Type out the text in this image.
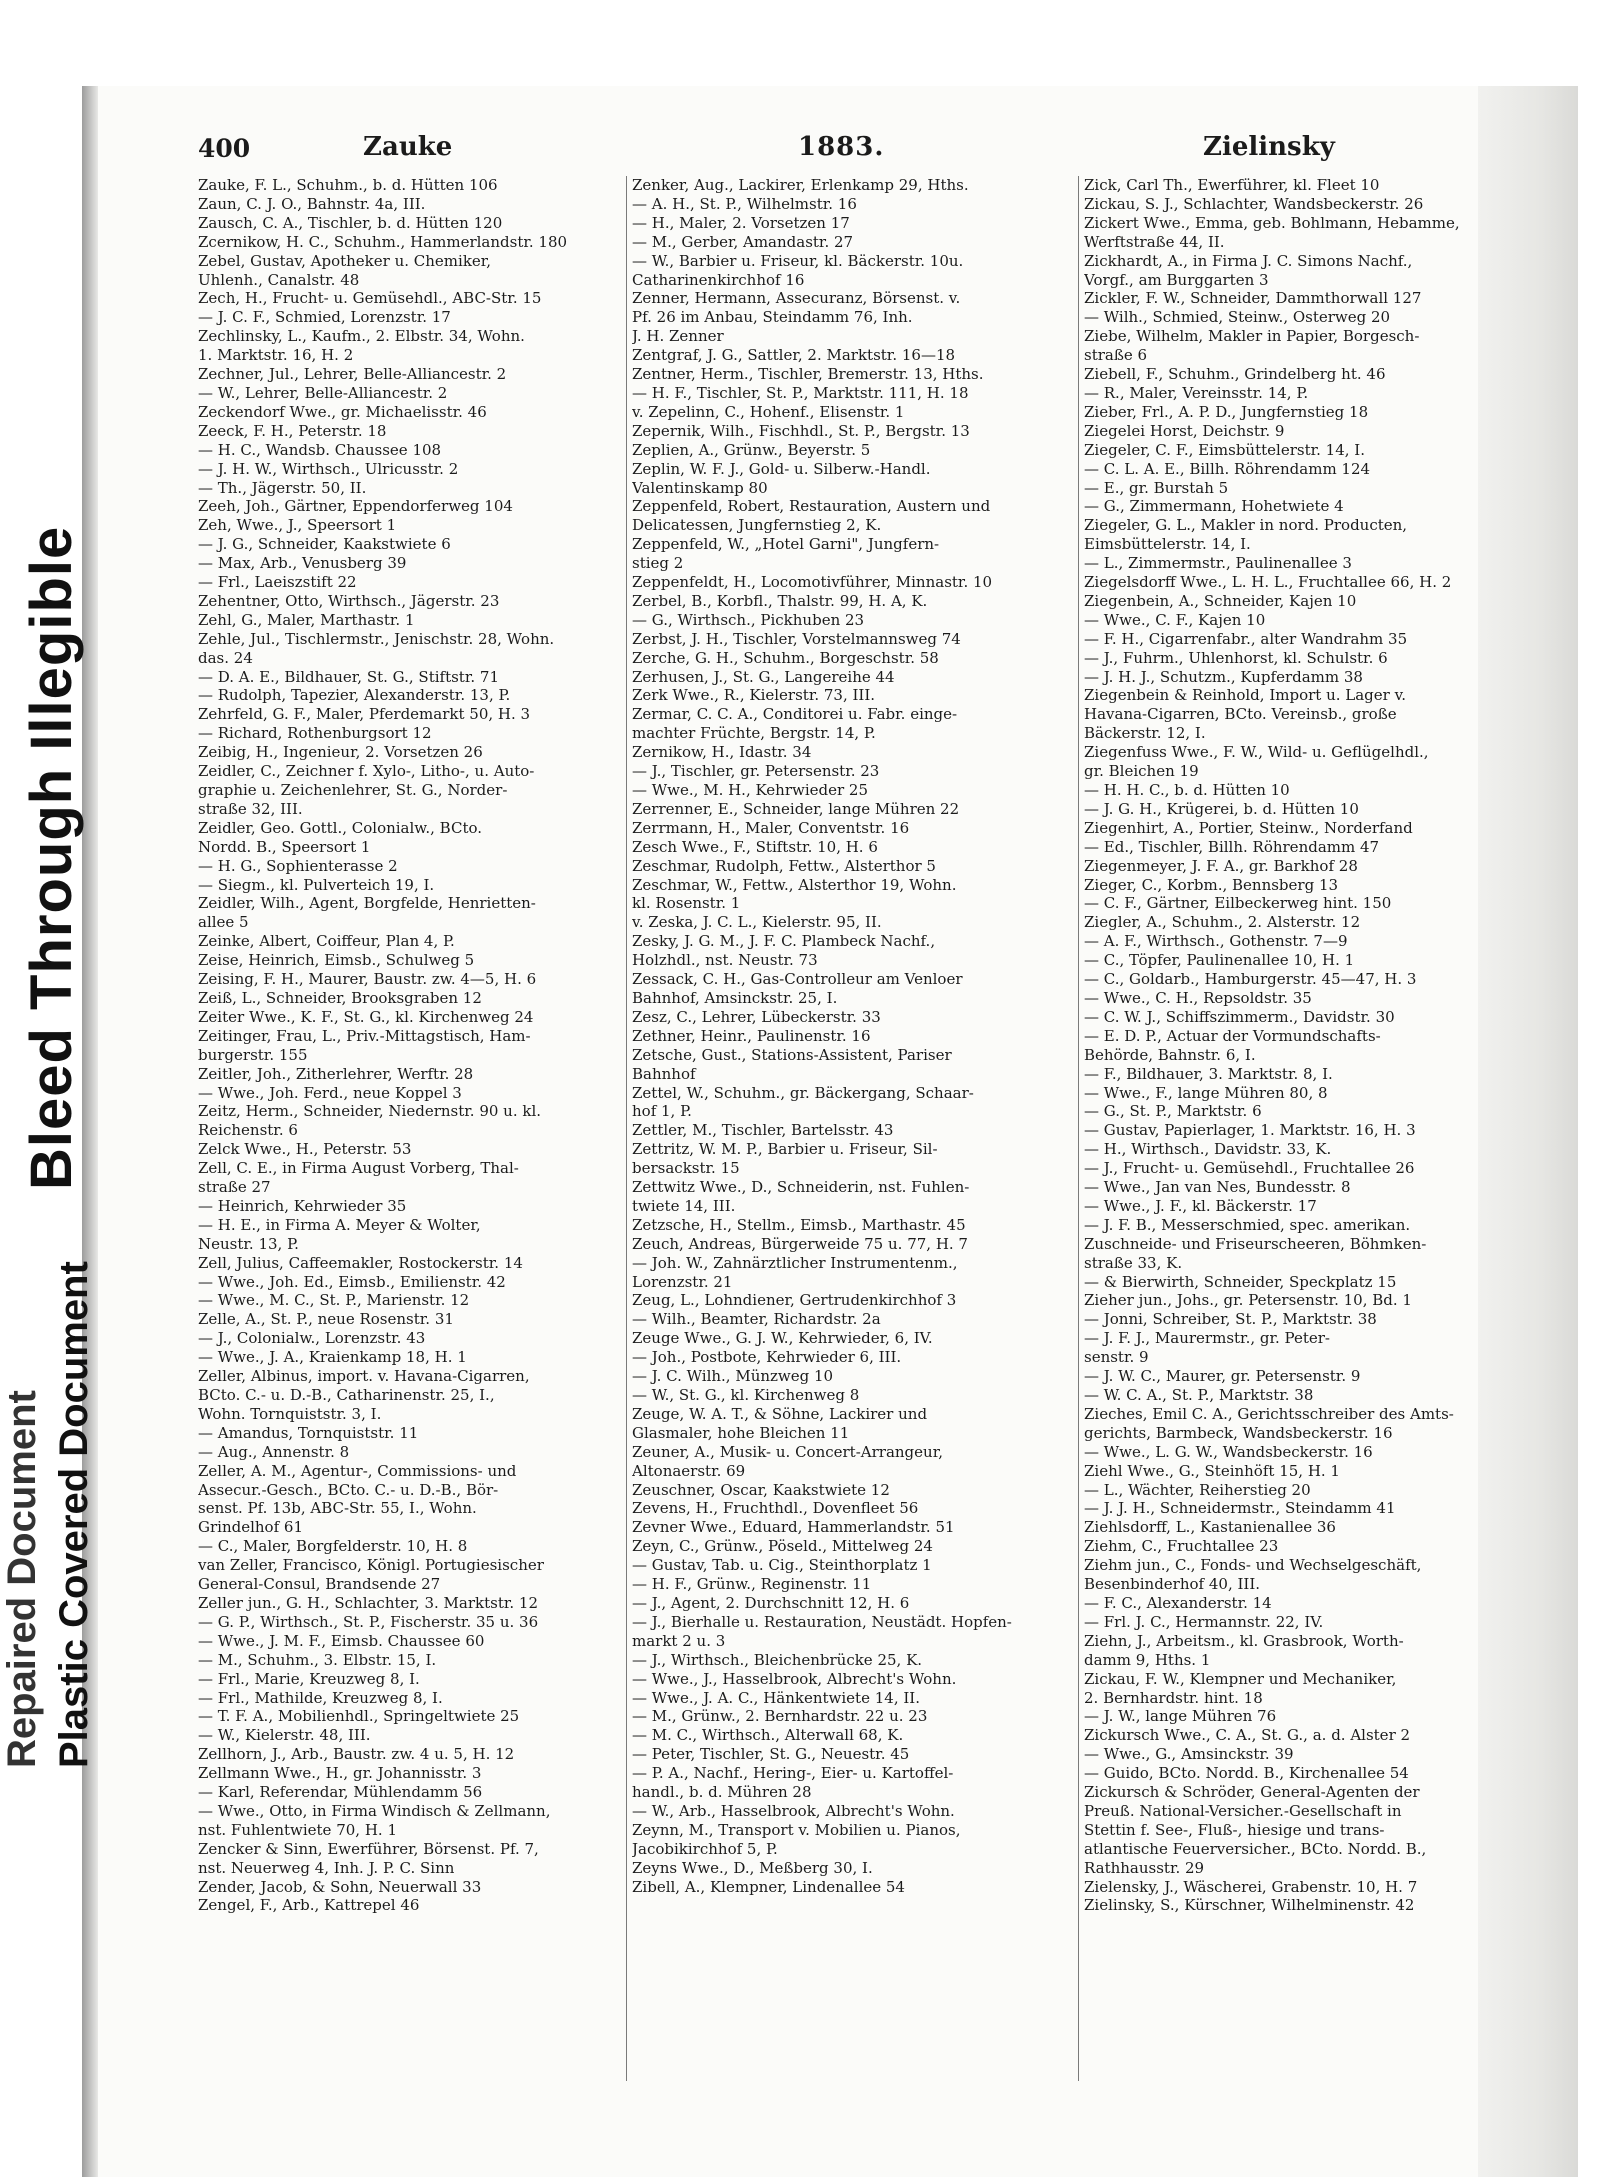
Bleed Through Illegible
Plastic Covered Document
Repaired Document
400	Zauke	1883.	Zielinsky
Zauke, F. L., Schuhm., b. d. Hütten 106
Zaun, C. J. O., Bahnstr. 4a, III.
Zausch, C. A., Tischler, b. d. Hütten 120
Zcernikow, H. C., Schuhm., Hammerlandstr. 180
Zebel, Gustav, Apotheker u. Chemiker,
Uhlenh., Canalstr. 48
Zech, H., Frucht- u. Gemüsehdl., ABC-Str. 15
— J. C. F., Schmied, Lorenzstr. 17
Zechlinsky, L., Kaufm., 2. Elbstr. 34, Wohn.
1. Marktstr. 16, H. 2
Zechner, Jul., Lehrer, Belle-Alliancestr. 2
— W., Lehrer, Belle-Alliancestr. 2
Zeckendorf Wwe., gr. Michaelisstr. 46
Zeeck, F. H., Peterstr. 18
— H. C., Wandsb. Chaussee 108
— J. H. W., Wirthsch., Ulricusstr. 2
— Th., Jägerstr. 50, II.
Zeeh, Joh., Gärtner, Eppendorferweg 104
Zeh, Wwe., J., Speersort 1
— J. G., Schneider, Kaakstwiete 6
— Max, Arb., Venusberg 39
— Frl., Laeiszstift 22
Zehentner, Otto, Wirthsch., Jägerstr. 23
Zehl, G., Maler, Marthastr. 1
Zehle, Jul., Tischlermstr., Jenischstr. 28, Wohn.
das. 24
— D. A. E., Bildhauer, St. G., Stiftstr. 71
— Rudolph, Tapezier, Alexanderstr. 13, P.
Zehrfeld, G. F., Maler, Pferdemarkt 50, H. 3
— Richard, Rothenburgsort 12
Zeibig, H., Ingenieur, 2. Vorsetzen 26
Zeidler, C., Zeichner f. Xylo-, Litho-, u. Auto-
graphie u. Zeichenlehrer, St. G., Norder-
straße 32, III.
Zeidler, Geo. Gottl., Colonialw., BCto.
Nordd. B., Speersort 1
— H. G., Sophienterasse 2
— Siegm., kl. Pulverteich 19, I.
Zeidler, Wilh., Agent, Borgfelde, Henrietten-
allee 5
Zeinke, Albert, Coiffeur, Plan 4, P.
Zeise, Heinrich, Eimsb., Schulweg 5
Zeising, F. H., Maurer, Baustr. zw. 4—5, H. 6
Zeiß, L., Schneider, Brooksgraben 12
Zeiter Wwe., K. F., St. G., kl. Kirchenweg 24
Zeitinger, Frau, L., Priv.-Mittagstisch, Ham-
burgerstr. 155
Zeitler, Joh., Zitherlehrer, Werftr. 28
— Wwe., Joh. Ferd., neue Koppel 3
Zeitz, Herm., Schneider, Niedernstr. 90 u. kl.
Reichenstr. 6
Zelck Wwe., H., Peterstr. 53
Zell, C. E., in Firma August Vorberg, Thal-
straße 27
— Heinrich, Kehrwieder 35
— H. E., in Firma A. Meyer & Wolter,
Neustr. 13, P.
Zell, Julius, Caffeemakler, Rostockerstr. 14
— Wwe., Joh. Ed., Eimsb., Emilienstr. 42
— Wwe., M. C., St. P., Marienstr. 12
Zelle, A., St. P., neue Rosenstr. 31
— J., Colonialw., Lorenzstr. 43
— Wwe., J. A., Kraienkamp 18, H. 1
Zeller, Albinus, import. v. Havana-Cigarren,
BCto. C.- u. D.-B., Catharinenstr. 25, I.,
Wohn. Tornquiststr. 3, I.
— Amandus, Tornquiststr. 11
— Aug., Annenstr. 8
Zeller, A. M., Agentur-, Commissions- und
Assecur.-Gesch., BCto. C.- u. D.-B., Bör-
senst. Pf. 13b, ABC-Str. 55, I., Wohn.
Grindelhof 61
— C., Maler, Borgfelderstr. 10, H. 8
van Zeller, Francisco, Königl. Portugiesischer
General-Consul, Brandsende 27
Zeller jun., G. H., Schlachter, 3. Marktstr. 12
— G. P., Wirthsch., St. P., Fischerstr. 35 u. 36
— Wwe., J. M. F., Eimsb. Chaussee 60
— M., Schuhm., 3. Elbstr. 15, I.
— Frl., Marie, Kreuzweg 8, I.
— Frl., Mathilde, Kreuzweg 8, I.
— T. F. A., Mobilienhdl., Springeltwiete 25
— W., Kielerstr. 48, III.
Zellhorn, J., Arb., Baustr. zw. 4 u. 5, H. 12
Zellmann Wwe., H., gr. Johannisstr. 3
— Karl, Referendar, Mühlendamm 56
— Wwe., Otto, in Firma Windisch & Zellmann,
nst. Fuhlentwiete 70, H. 1
Zencker & Sinn, Ewerführer, Börsenst. Pf. 7,
nst. Neuerweg 4, Inh. J. P. C. Sinn
Zender, Jacob, & Sohn, Neuerwall 33
Zengel, F., Arb., Kattrepel 46
Zenker, Aug., Lackirer, Erlenkamp 29, Hths.
— A. H., St. P., Wilhelmstr. 16
— H., Maler, 2. Vorsetzen 17
— M., Gerber, Amandastr. 27
— W., Barbier u. Friseur, kl. Bäckerstr. 10u.
Catharinenkirchhof 16
Zenner, Hermann, Assecuranz, Börsenst. v.
Pf. 26 im Anbau, Steindamm 76, Inh.
J. H. Zenner
Zentgraf, J. G., Sattler, 2. Marktstr. 16—18
Zentner, Herm., Tischler, Bremerstr. 13, Hths.
— H. F., Tischler, St. P., Marktstr. 111, H. 18
v. Zepelinn, C., Hohenf., Elisenstr. 1
Zepernik, Wilh., Fischhdl., St. P., Bergstr. 13
Zeplien, A., Grünw., Beyerstr. 5
Zeplin, W. F. J., Gold- u. Silberw.-Handl.
Valentinskamp 80
Zeppenfeld, Robert, Restauration, Austern und
Delicatessen, Jungfernstieg 2, K.
Zeppenfeld, W., „Hotel Garni", Jungfern-
stieg 2
Zeppenfeldt, H., Locomotivführer, Minnastr. 10
Zerbel, B., Korbfl., Thalstr. 99, H. A, K.
— G., Wirthsch., Pickhuben 23
Zerbst, J. H., Tischler, Vorstelmannsweg 74
Zerche, G. H., Schuhm., Borgeschstr. 58
Zerhusen, J., St. G., Langereihe 44
Zerk Wwe., R., Kielerstr. 73, III.
Zermar, C. C. A., Conditorei u. Fabr. einge-
machter Früchte, Bergstr. 14, P.
Zernikow, H., Idastr. 34
— J., Tischler, gr. Petersenstr. 23
— Wwe., M. H., Kehrwieder 25
Zerrenner, E., Schneider, lange Mühren 22
Zerrmann, H., Maler, Conventstr. 16
Zesch Wwe., F., Stiftstr. 10, H. 6
Zeschmar, Rudolph, Fettw., Alsterthor 5
Zeschmar, W., Fettw., Alsterthor 19, Wohn.
kl. Rosenstr. 1
v. Zeska, J. C. L., Kielerstr. 95, II.
Zesky, J. G. M., J. F. C. Plambeck Nachf.,
Holzhdl., nst. Neustr. 73
Zessack, C. H., Gas-Controlleur am Venloer
Bahnhof, Amsinckstr. 25, I.
Zesz, C., Lehrer, Lübeckerstr. 33
Zethner, Heinr., Paulinenstr. 16
Zetsche, Gust., Stations-Assistent, Pariser
Bahnhof
Zettel, W., Schuhm., gr. Bäckergang, Schaar-
hof 1, P.
Zettler, M., Tischler, Bartelsstr. 43
Zettritz, W. M. P., Barbier u. Friseur, Sil-
bersackstr. 15
Zettwitz Wwe., D., Schneiderin, nst. Fuhlen-
twiete 14, III.
Zetzsche, H., Stellm., Eimsb., Marthastr. 45
Zeuch, Andreas, Bürgerweide 75 u. 77, H. 7
— Joh. W., Zahnärztlicher Instrumentenm.,
Lorenzstr. 21
Zeug, L., Lohndiener, Gertrudenkirchhof 3
— Wilh., Beamter, Richardstr. 2a
Zeuge Wwe., G. J. W., Kehrwieder, 6, IV.
— Joh., Postbote, Kehrwieder 6, III.
— J. C. Wilh., Münzweg 10
— W., St. G., kl. Kirchenweg 8
Zeuge, W. A. T., & Söhne, Lackirer und
Glasmaler, hohe Bleichen 11
Zeuner, A., Musik- u. Concert-Arrangeur,
Altonaerstr. 69
Zeuschner, Oscar, Kaakstwiete 12
Zevens, H., Fruchthdl., Dovenfleet 56
Zevner Wwe., Eduard, Hammerlandstr. 51
Zeyn, C., Grünw., Pöseld., Mittelweg 24
— Gustav, Tab. u. Cig., Steinthorplatz 1
— H. F., Grünw., Reginenstr. 11
— J., Agent, 2. Durchschnitt 12, H. 6
— J., Bierhalle u. Restauration, Neustädt. Hopfen-
markt 2 u. 3
— J., Wirthsch., Bleichenbrücke 25, K.
— Wwe., J., Hasselbrook, Albrecht's Wohn.
— Wwe., J. A. C., Hänkentwiete 14, II.
— M., Grünw., 2. Bernhardstr. 22 u. 23
— M. C., Wirthsch., Alterwall 68, K.
— Peter, Tischler, St. G., Neuestr. 45
— P. A., Nachf., Hering-, Eier- u. Kartoffel-
handl., b. d. Mühren 28
— W., Arb., Hasselbrook, Albrecht's Wohn.
Zeynn, M., Transport v. Mobilien u. Pianos,
Jacobikirchhof 5, P.
Zeyns Wwe., D., Meßberg 30, I.
Zibell, A., Klempner, Lindenallee 54
Zick, Carl Th., Ewerführer, kl. Fleet 10
Zickau, S. J., Schlachter, Wandsbeckerstr. 26
Zickert Wwe., Emma, geb. Bohlmann, Hebamme,
Werftstraße 44, II.
Zickhardt, A., in Firma J. C. Simons Nachf.,
Vorgf., am Burggarten 3
Zickler, F. W., Schneider, Dammthorwall 127
— Wilh., Schmied, Steinw., Osterweg 20
Ziebe, Wilhelm, Makler in Papier, Borgesch-
straße 6
Ziebell, F., Schuhm., Grindelberg ht. 46
— R., Maler, Vereinsstr. 14, P.
Zieber, Frl., A. P. D., Jungfernstieg 18
Ziegelei Horst, Deichstr. 9
Ziegeler, C. F., Eimsbüttelerstr. 14, I.
— C. L. A. E., Billh. Röhrendamm 124
— E., gr. Burstah 5
— G., Zimmermann, Hohetwiete 4
Ziegeler, G. L., Makler in nord. Producten,
Eimsbüttelerstr. 14, I.
— L., Zimmermstr., Paulinenallee 3
Ziegelsdorff Wwe., L. H. L., Fruchtallee 66, H. 2
Ziegenbein, A., Schneider, Kajen 10
— Wwe., C. F., Kajen 10
— F. H., Cigarrenfabr., alter Wandrahm 35
— J., Fuhrm., Uhlenhorst, kl. Schulstr. 6
— J. H. J., Schutzm., Kupferdamm 38
Ziegenbein & Reinhold, Import u. Lager v.
Havana-Cigarren, BCto. Vereinsb., große
Bäckerstr. 12, I.
Ziegenfuss Wwe., F. W., Wild- u. Geflügelhdl.,
gr. Bleichen 19
— H. H. C., b. d. Hütten 10
— J. G. H., Krügerei, b. d. Hütten 10
Ziegenhirt, A., Portier, Steinw., Norderfand
— Ed., Tischler, Billh. Röhrendamm 47
Ziegenmeyer, J. F. A., gr. Barkhof 28
Zieger, C., Korbm., Bennsberg 13
— C. F., Gärtner, Eilbeckerweg hint. 150
Ziegler, A., Schuhm., 2. Alsterstr. 12
— A. F., Wirthsch., Gothenstr. 7—9
— C., Töpfer, Paulinenallee 10, H. 1
— C., Goldarb., Hamburgerstr. 45—47, H. 3
— Wwe., C. H., Repsoldstr. 35
— C. W. J., Schiffszimmerm., Davidstr. 30
— E. D. P., Actuar der Vormundschafts-
Behörde, Bahnstr. 6, I.
— F., Bildhauer, 3. Marktstr. 8, I.
— Wwe., F., lange Mühren 80, 8
— G., St. P., Marktstr. 6
— Gustav, Papierlager, 1. Marktstr. 16, H. 3
— H., Wirthsch., Davidstr. 33, K.
— J., Frucht- u. Gemüsehdl., Fruchtallee 26
— Wwe., Jan van Nes, Bundesstr. 8
— Wwe., J. F., kl. Bäckerstr. 17
— J. F. B., Messerschmied, spec. amerikan.
Zuschneide- und Friseurscheeren, Böhmken-
straße 33, K.
— & Bierwirth, Schneider, Speckplatz 15
Zieher jun., Johs., gr. Petersenstr. 10, Bd. 1
— Jonni, Schreiber, St. P., Marktstr. 38
— J. F. J., Maurermstr., gr. Peter-
senstr. 9
— J. W. C., Maurer, gr. Petersenstr. 9
— W. C. A., St. P., Marktstr. 38
Zieches, Emil C. A., Gerichtsschreiber des Amts-
gerichts, Barmbeck, Wandsbeckerstr. 16
— Wwe., L. G. W., Wandsbeckerstr. 16
Ziehl Wwe., G., Steinhöft 15, H. 1
— L., Wächter, Reiherstieg 20
— J. J. H., Schneidermstr., Steindamm 41
Ziehlsdorff, L., Kastanienallee 36
Ziehm, C., Fruchtallee 23
Ziehm jun., C., Fonds- und Wechselgeschäft,
Besenbinderhof 40, III.
— F. C., Alexanderstr. 14
— Frl. J. C., Hermannstr. 22, IV.
Ziehn, J., Arbeitsm., kl. Grasbrook, Worth-
damm 9, Hths. 1
Zickau, F. W., Klempner und Mechaniker,
2. Bernhardstr. hint. 18
— J. W., lange Mühren 76
Zickursch Wwe., C. A., St. G., a. d. Alster 2
— Wwe., G., Amsinckstr. 39
— Guido, BCto. Nordd. B., Kirchenallee 54
Zickursch & Schröder, General-Agenten der
Preuß. National-Versicher.-Gesellschaft in
Stettin f. See-, Fluß-, hiesige und trans-
atlantische Feuerversicher., BCto. Nordd. B.,
Rathhausstr. 29
Zielensky, J., Wäscherei, Grabenstr. 10, H. 7
Zielinsky, S., Kürschner, Wilhelminenstr. 42
